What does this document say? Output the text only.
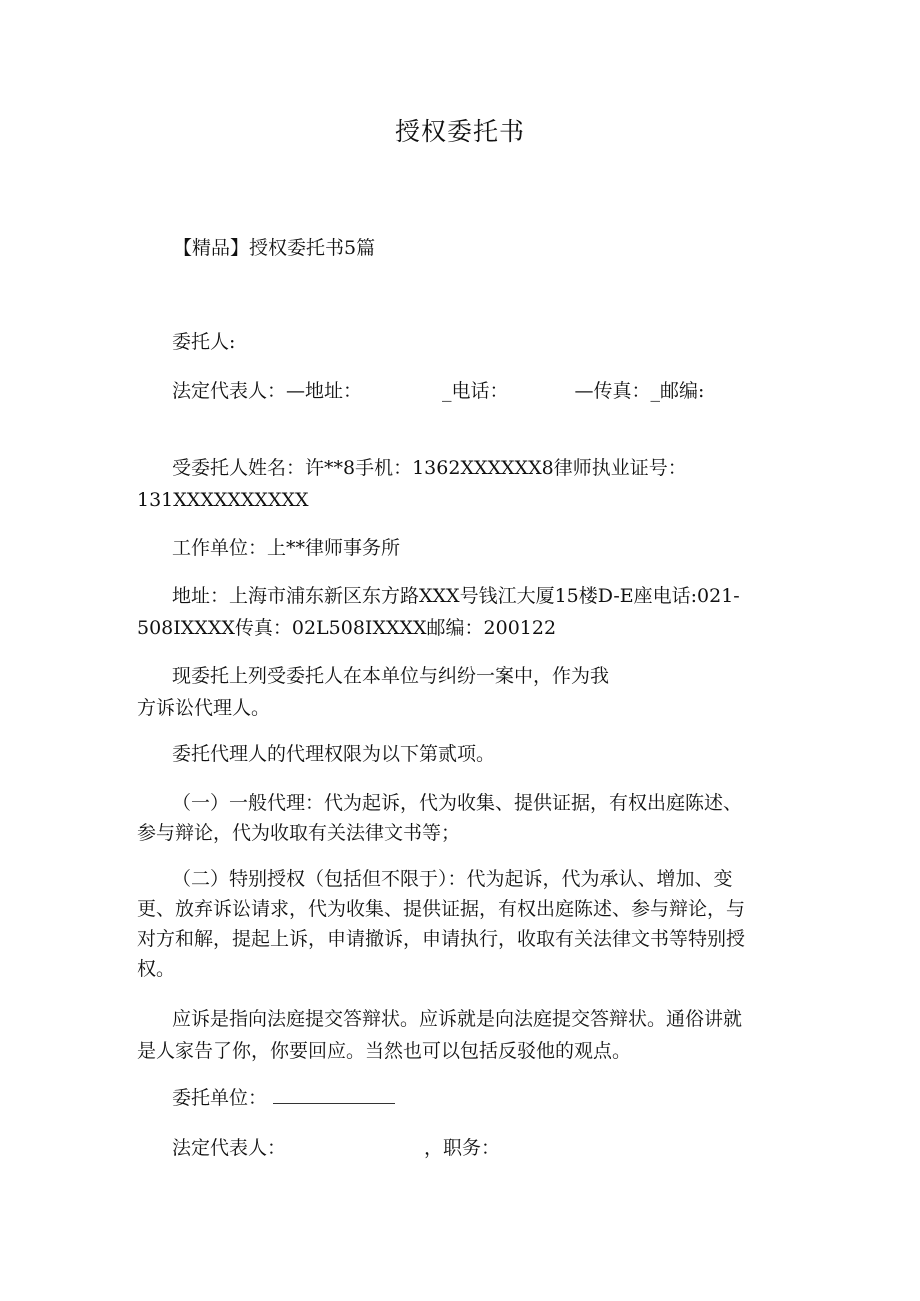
授权委托书
【精品】授权委托书5篇
委托人:
法定代表人：—地址：	_电话：	—传真：_邮编:
受委托人姓名：许**8手机：1362XXXXXX8律师执业证号：
131XXXXXXXXXX
工作单位：上**律师事务所
地址：上海市浦东新区东方路XXX号钱江大厦15楼D-E座电话:021-
508IXXXX传真：02L508IXXXX邮编：200122
现委托上列受委托人在本单位与纠纷一案中，作为我
方诉讼代理人。
委托代理人的代理权限为以下第贰项。
（一）一般代理：代为起诉，代为收集、提供证据，有权出庭陈述、
参与辩论，代为收取有关法律文书等；
（二）特别授权（包括但不限于）：代为起诉，代为承认、增加、变
更、放弃诉讼请求，代为收集、提供证据，有权出庭陈述、参与辩论，与
对方和解，提起上诉，申请撤诉，申请执行，收取有关法律文书等特别授
权。
应诉是指向法庭提交答辩状。应诉就是向法庭提交答辩状。通俗讲就
是人家告了你，你要回应。当然也可以包括反驳他的观点。
委托单位：
法定代表人：	，职务：
